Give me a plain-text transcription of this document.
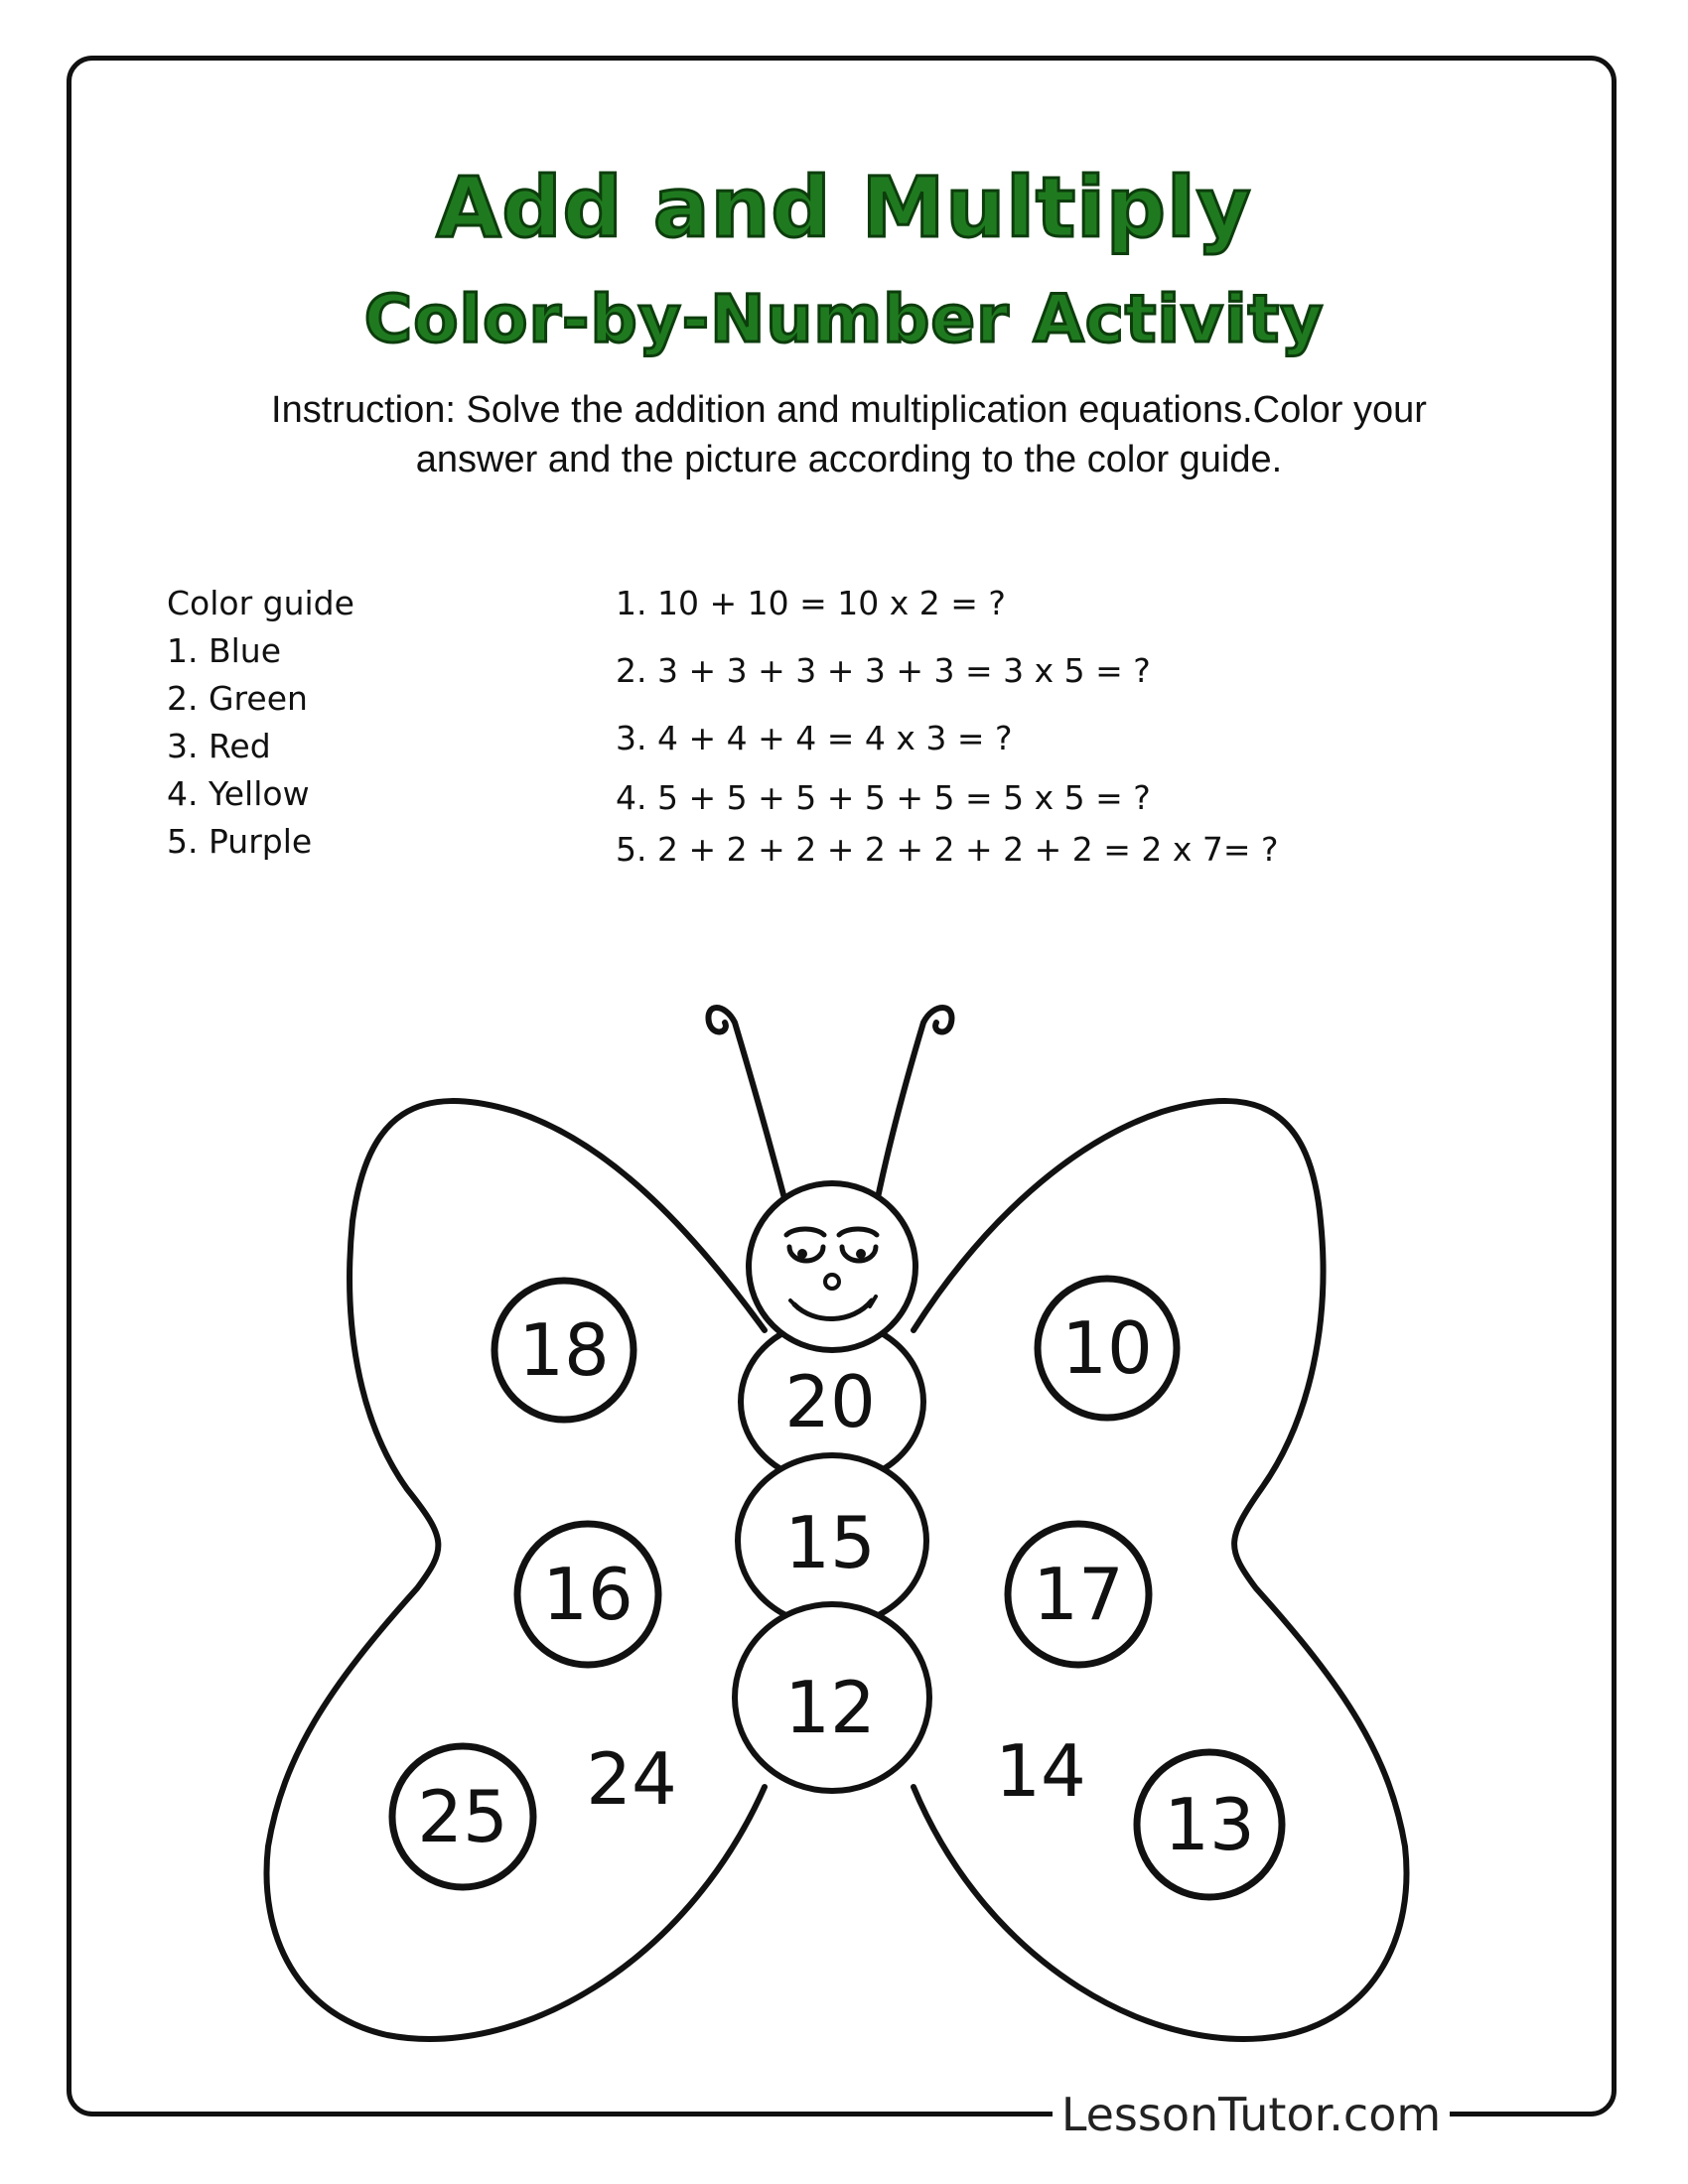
Add and Multiply
Color-by-Number Activity
Instruction: Solve the addition and multiplication equations.Color your answer and the picture according to the color guide.
Color guide
1. Blue
2. Green
3. Red
4. Yellow
5. Purple
1. 10 + 10 = 10 x 2 = ?
2. 3 + 3 + 3 + 3 + 3 = 3 x 5 = ?
3. 4 + 4 + 4 = 4 x 3 = ?
4. 5 + 5 + 5 + 5 + 5 = 5 x 5 = ?
5. 2 + 2 + 2 + 2 + 2 + 2 + 2 = 2 x 7= ?
18
16
25	24
20
15
12
10
17
14
13
LessonTutor.com
